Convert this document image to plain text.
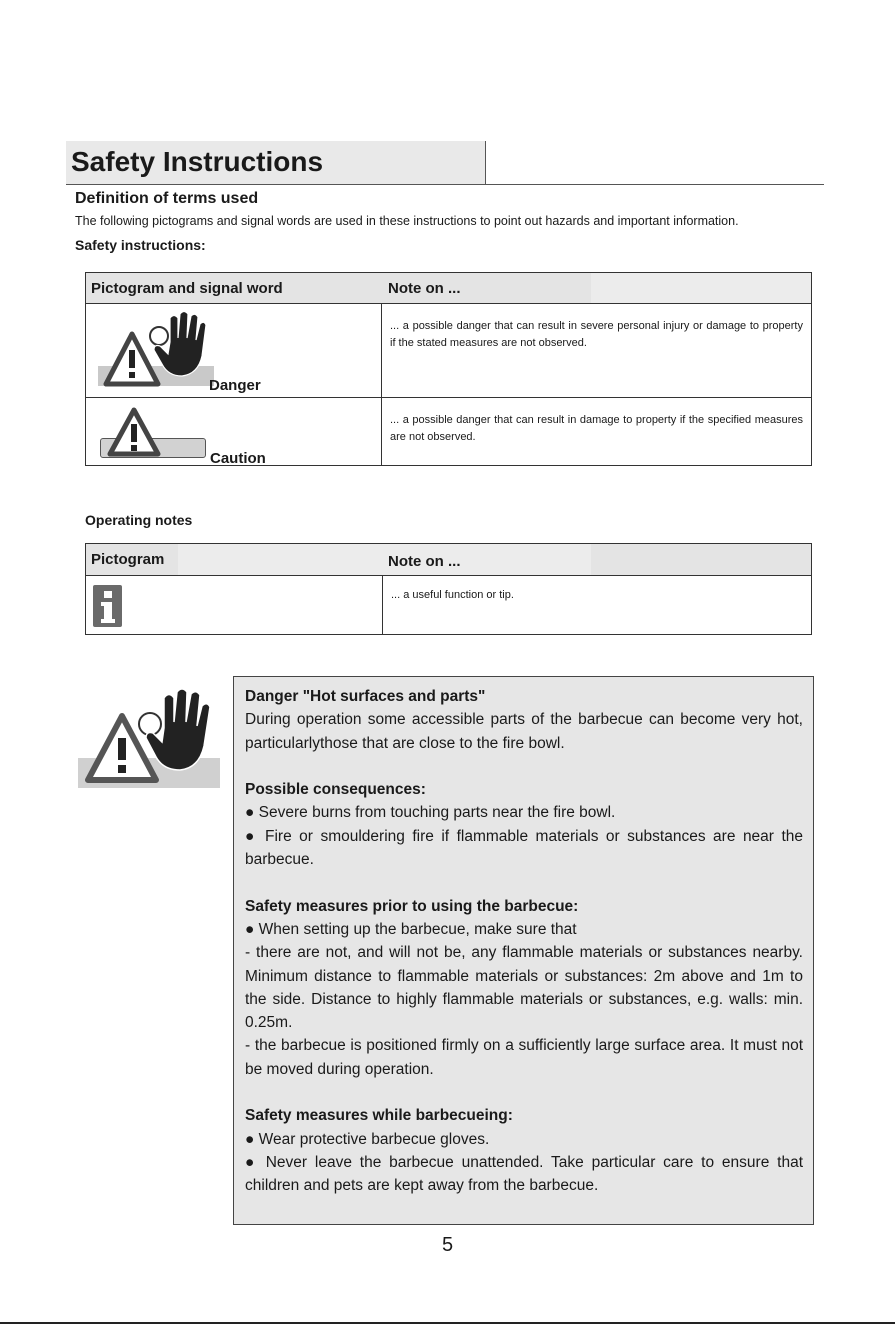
Safety Instructions
Definition of terms used
The following pictograms and signal words are used in these instructions to point out hazards and important information.
Safety instructions:
Pictogram and signal word	Note on ...
Danger
... a possible danger that can result in severe personal injury or damage to property if the stated measures are not observed.
Caution
... a possible danger that can result in damage to property if the specified measures are not observed.
Operating notes
Pictogram	Note on ...
... a useful function or tip.

Danger "Hot surfaces and parts"

During operation some accessible parts of the barbecue can become very hot, particularlythose that are close to the fire bowl.

Possible consequences:

● Severe burns from touching parts near the fire bowl.

● Fire or smouldering fire if flammable materials or substances are near the barbecue.

Safety measures prior to using the barbecue:

● When setting up the barbecue, make sure that

- there are not, and will not be, any flammable materials or substances nearby. Minimum distance to flammable materials or substances: 2m above and 1m to the side. Distance to highly flammable materials or substances, e.g. walls: min. 0.25m.

- the barbecue is positioned firmly on a sufficiently large surface area. It must not be moved during operation.

Safety measures while barbecueing:

● Wear protective barbecue gloves.

● Never leave the barbecue unattended. Take particular care to ensure that children and pets are kept away from the barbecue.

5
